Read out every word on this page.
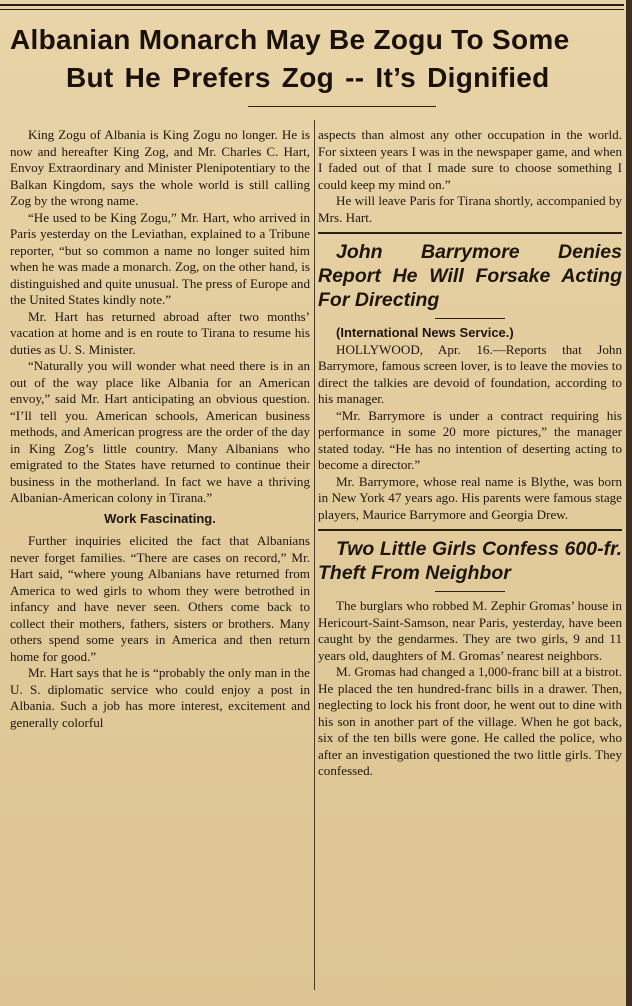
Albanian Monarch May Be Zogu To Some
But He Prefers Zog -- It’s Dignified

King Zogu of Albania is King Zogu no longer. He is now and hereafter King Zog, and Mr. Charles C. Hart, Envoy Extraordinary and Minister Plenipotentiary to the Balkan Kingdom, says the whole world is still calling Zog by the wrong name.

“He used to be King Zogu,” Mr. Hart, who arrived in Paris yesterday on the Leviathan, explained to a Tribune reporter, “but so common a name no longer suited him when he was made a monarch. Zog, on the other hand, is distinguished and quite unusual. The press of Europe and the United States kindly note.”

Mr. Hart has returned abroad after two months’ vacation at home and is en route to Tirana to resume his duties as U. S. Minister.

“Naturally you will wonder what need there is in an out of the way place like Albania for an American envoy,” said Mr. Hart anticipating an obvious question. “I’ll tell you. American schools, American business methods, and American progress are the order of the day in King Zog’s little country. Many Albanians who emigrated to the States have returned to continue their business in the motherland. In fact we have a thriving Albanian-American colony in Tirana.”

Work Fascinating.

Further inquiries elicited the fact that Albanians never forget families. “There are cases on record,” Mr. Hart said, “where young Albanians have returned from America to wed girls to whom they were betrothed in infancy and have never seen. Others come back to collect their mothers, fathers, sisters or brothers. Many others spend some years in America and then return home for good.”

Mr. Hart says that he is “probably the only man in the U. S. diplomatic service who could enjoy a post in Albania. Such a job has more interest, excitement and generally colorful

aspects than almost any other occupation in the world. For sixteen years I was in the newspaper game, and when I faded out of that I made sure to choose something I could keep my mind on.”

He will leave Paris for Tirana shortly, accompanied by Mrs. Hart.

John Barrymore Denies Report He Will Forsake Acting For Directing

(International News Service.)

HOLLYWOOD, Apr. 16.—Reports that John Barrymore, famous screen lover, is to leave the movies to direct the talkies are devoid of foundation, according to his manager.

“Mr. Barrymore is under a contract requiring his performance in some 20 more pictures,” the manager stated today. “He has no intention of deserting acting to become a director.”

Mr. Barrymore, whose real name is Blythe, was born in New York 47 years ago. His parents were famous stage players, Maurice Barrymore and Georgia Drew.

Two Little Girls Confess 600-fr. Theft From Neighbor

The burglars who robbed M. Zephir Gromas’ house in Hericourt-Saint-Samson, near Paris, yesterday, have been caught by the gendarmes. They are two girls, 9 and 11 years old, daughters of M. Gromas’ nearest neighbors.

M. Gromas had changed a 1,000-franc bill at a bistrot. He placed the ten hundred-franc bills in a drawer. Then, neglecting to lock his front door, he went out to dine with his son in another part of the village. When he got back, six of the ten bills were gone. He called the police, who after an investigation questioned the two little girls. They confessed.
